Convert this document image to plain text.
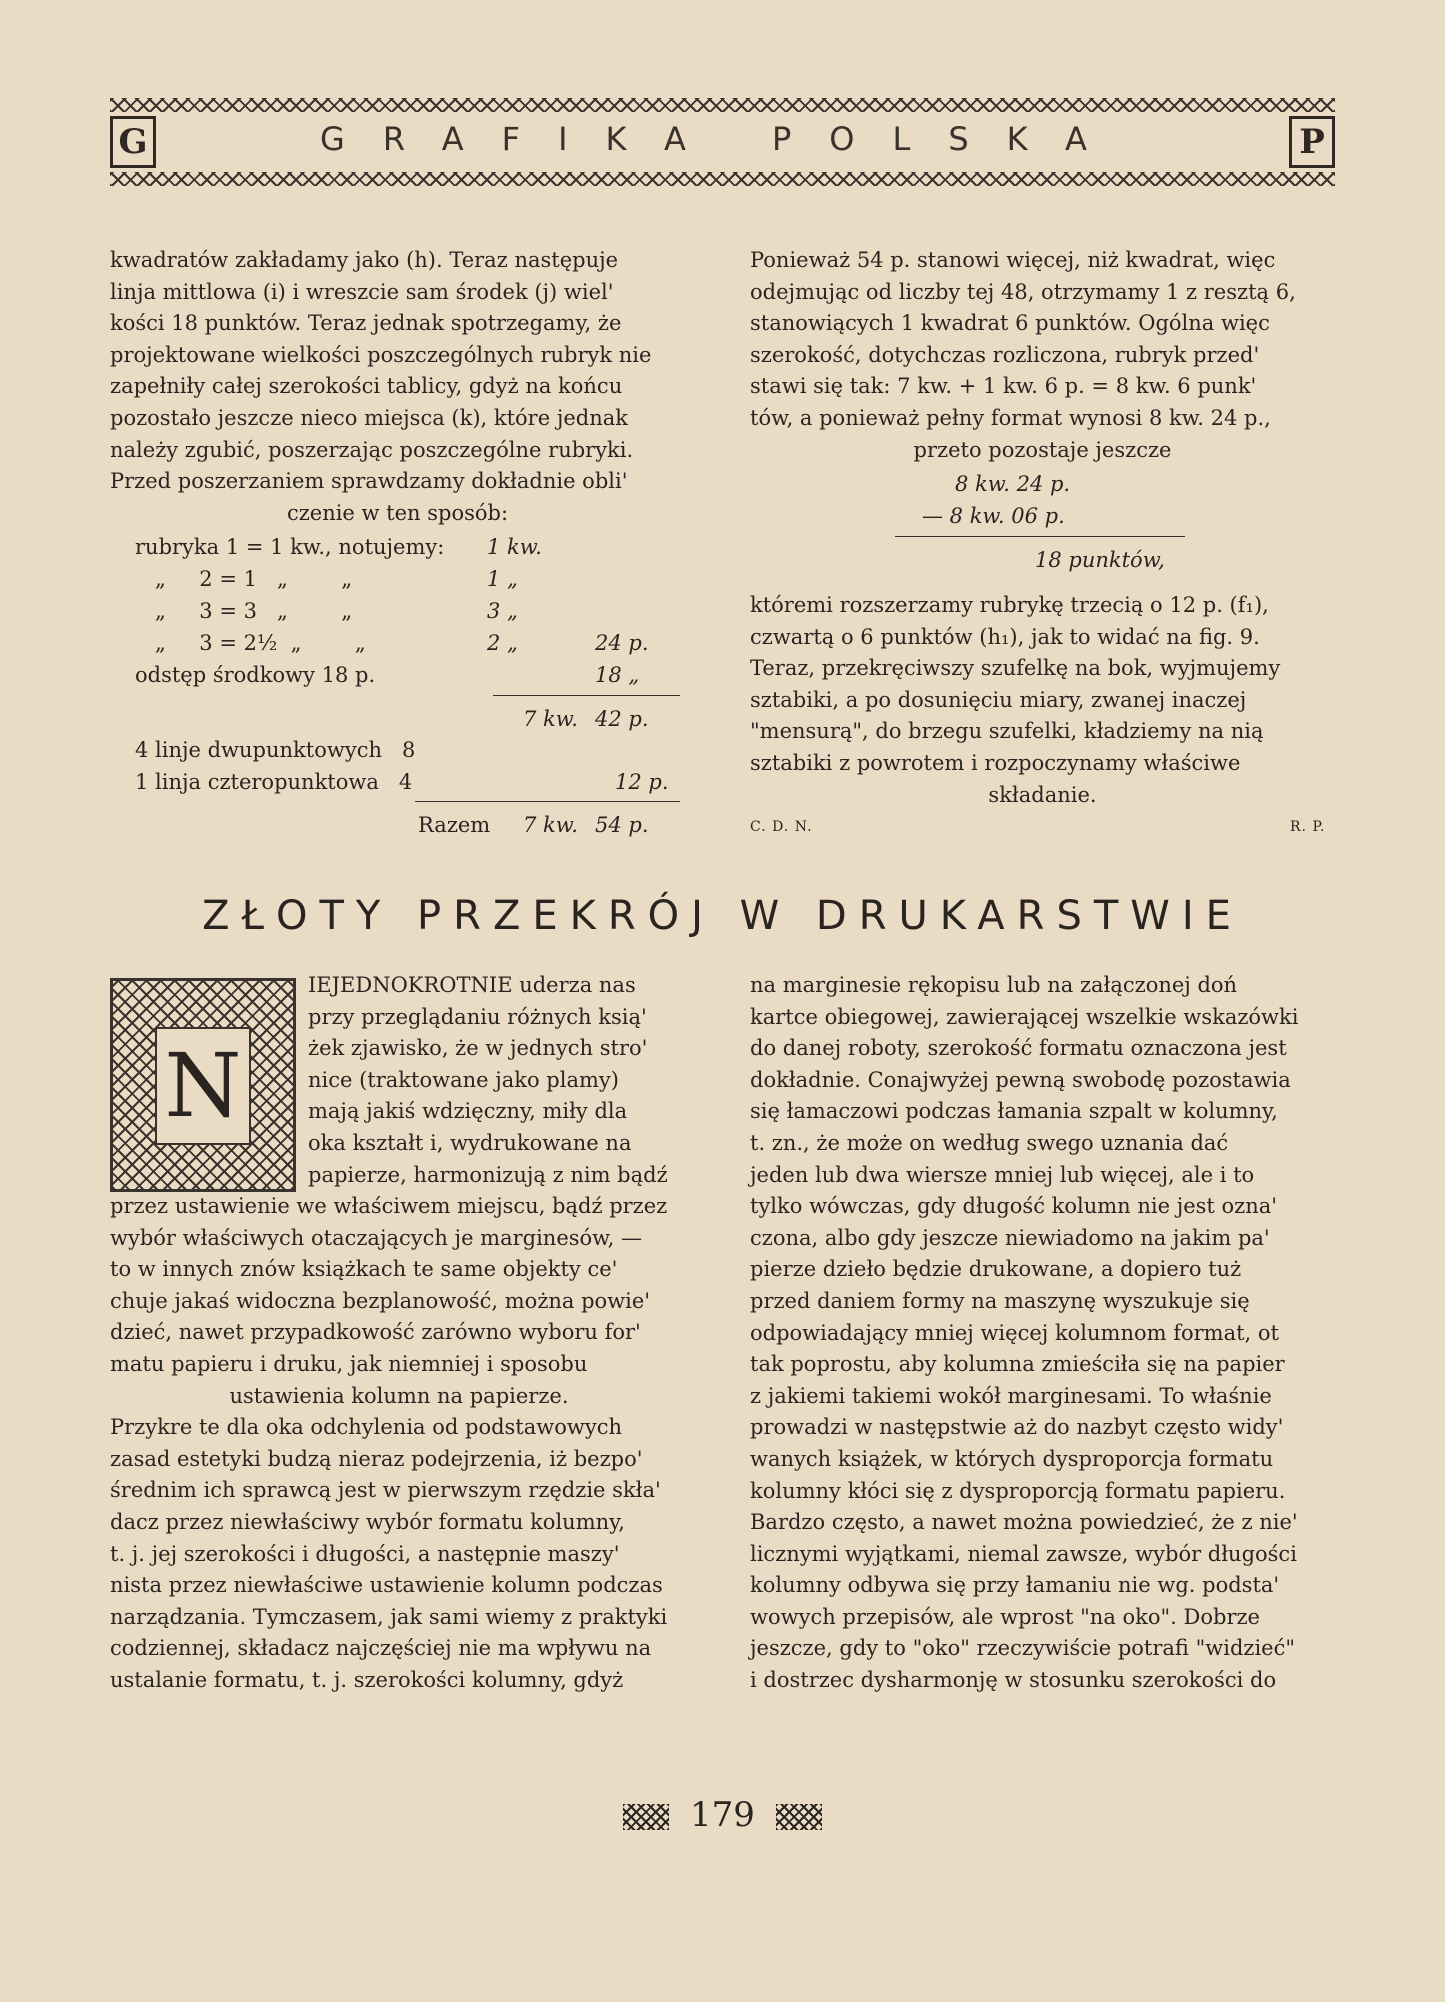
G	GRAFIKA POLSKA	P

kwadratów zakładamy jako (h). Teraz następuje

linja mittlowa (i) i wreszcie sam środek (j) wiel'

kości 18 punktów. Teraz jednak spotrzegamy, że

projektowane wielkości poszczególnych rubryk nie

zapełniły całej szerokości tablicy, gdyż na końcu

pozostało jeszcze nieco miejsca (k), które jednak

należy zgubić, poszerzając poszczególne rubryki.

Przed poszerzaniem sprawdzamy dokładnie obli'

czenie w ten sposób:

rubryka 1 = 1 kw., notujemy: 1 kw.
„     2 = 1   „        „	1 „
„     3 = 3   „        „	3 „
„     3 = 2½  „        „	2 „	24 p.
odstęp środkowy 18 p.	18 „
7 kw. 42 p.
4 linje dwupunktowych   8
1 linja czteropunktowa   4	12 p.
Razem 7 kw. 54 p.

Ponieważ 54 p. stanowi więcej, niż kwadrat, więc

odejmując od liczby tej 48, otrzymamy 1 z resztą 6,

stanowiących 1 kwadrat 6 punktów. Ogólna więc

szerokość, dotychczas rozliczona, rubryk przed'

stawi się tak: 7 kw. + 1 kw. 6 p. = 8 kw. 6 punk'

tów, a ponieważ pełny format wynosi 8 kw. 24 p.,

przeto pozostaje jeszcze

8 kw. 24 p.
— 8 kw. 06 p.
18 punktów,

któremi rozszerzamy rubrykę trzecią o 12 p. (f₁),

czwartą o 6 punktów (h₁), jak to widać na fig. 9.

Teraz, przekręciwszy szufelkę na bok, wyjmujemy

sztabiki, a po dosunięciu miary, zwanej inaczej

"mensurą", do brzegu szufelki, kładziemy na nią

sztabiki z powrotem i rozpoczynamy właściwe

składanie.

C. D. N.	R. P.
ZŁOTY PRZEKRÓJ W DRUKARSTWIE
N

IEJEDNOKROTNIE uderza nas

przy przeglądaniu różnych ksią'

żek zjawisko, że w jednych stro'

nice (traktowane jako plamy)

mają jakiś wdzięczny, miły dla

oka kształt i, wydrukowane na

papierze, harmonizują z nim bądź

przez ustawienie we właściwem miejscu, bądź przez

wybór właściwych otaczających je marginesów, —

to w innych znów książkach te same objekty ce'

chuje jakaś widoczna bezplanowość, można powie'

dzieć, nawet przypadkowość zarówno wyboru for'

matu papieru i druku, jak niemniej i sposobu

ustawienia kolumn na papierze.

Przykre te dla oka odchylenia od podstawowych

zasad estetyki budzą nieraz podejrzenia, iż bezpo'

średnim ich sprawcą jest w pierwszym rzędzie skła'

dacz przez niewłaściwy wybór formatu kolumny,

t. j. jej szerokości i długości, a następnie maszy'

nista przez niewłaściwe ustawienie kolumn podczas

narządzania. Tymczasem, jak sami wiemy z praktyki

codziennej, składacz najczęściej nie ma wpływu na

ustalanie formatu, t. j. szerokości kolumny, gdyż

na marginesie rękopisu lub na załączonej doń

kartce obiegowej, zawierającej wszelkie wskazówki

do danej roboty, szerokość formatu oznaczona jest

dokładnie. Conajwyżej pewną swobodę pozostawia

się łamaczowi podczas łamania szpalt w kolumny,

t. zn., że może on według swego uznania dać

jeden lub dwa wiersze mniej lub więcej, ale i to

tylko wówczas, gdy długość kolumn nie jest ozna'

czona, albo gdy jeszcze niewiadomo na jakim pa'

pierze dzieło będzie drukowane, a dopiero tuż

przed daniem formy na maszynę wyszukuje się

odpowiadający mniej więcej kolumnom format, ot

tak poprostu, aby kolumna zmieściła się na papier

z jakiemi takiemi wokół marginesami. To właśnie

prowadzi w następstwie aż do nazbyt często widy'

wanych książek, w których dysproporcja formatu

kolumny kłóci się z dysproporcją formatu papieru.

Bardzo często, a nawet można powiedzieć, że z nie'

licznymi wyjątkami, niemal zawsze, wybór długości

kolumny odbywa się przy łamaniu nie wg. podsta'

wowych przepisów, ale wprost "na oko". Dobrze

jeszcze, gdy to "oko" rzeczywiście potrafi "widzieć"

i dostrzec dysharmonję w stosunku szerokości do

179
